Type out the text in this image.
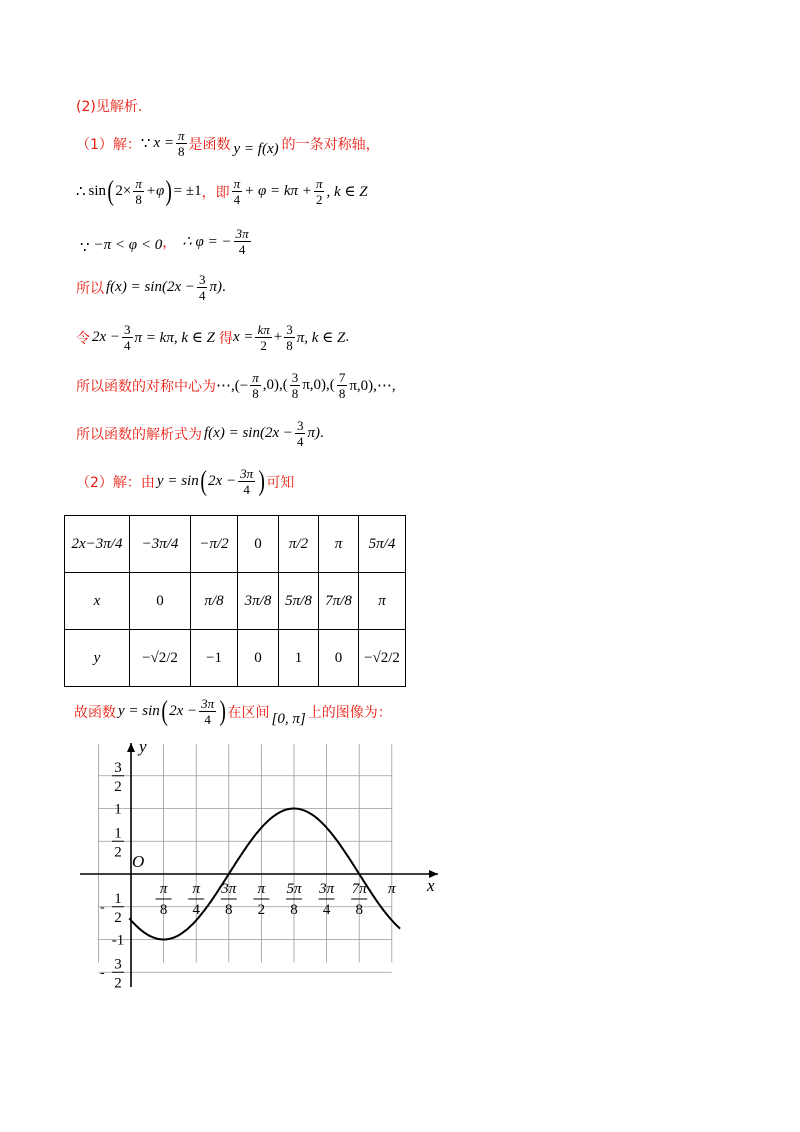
(2)见解析.
（1）解： ∵ $x = \frac{\pi}{8}$ 是函数 y = f(x) 的一条对称轴，
∴ sin ( $2\times \frac{\pi}{8} +\varphi$ ) = ±1 ，即 $\frac{\pi}{4} + \varphi = k\pi + \frac{\pi}{2}$ , k ∈ Z
∵ −π < φ < 0 ， ∴ φ = − $\frac{3\pi}{4}$
所以 $f(x) = \sin(2x - \frac{3}{4} \pi)$ .
令 $2x - \frac{3}{4}$ π = kπ, k ∈ Z 得 $x = \frac{k\pi}{2} + \frac{3}{8} \pi$, k ∈ Z .
所以函数的对称中心为 ⋯,(− $\frac{\pi}{8} ,0),( \frac{3}{8} \pi,0),( \frac{7}{8}$ π,0),⋯,
所以函数的解析式为 $f(x) = \sin(2x - \frac{3}{4} \pi)$ .
（2）解：由 y = sin ( $2x - \frac{3\pi}{4}$ ) 可知
2x−3π/4	−3π/4	−π/2	0	π/2	π	5π/4
x	0	π/8	3π/8	5π/8	7π/8	π
y	−√2/2	−1	0	1	0	−√2/2
故函数 y = sin ( $2x - \frac{3\pi}{4}$ ) 在区间 [0, π] 上的图像为：
3
2
1
1
2
-
1
2
-1
-
3
2
π
8
π
4
3π
8
π
2
5π
8
3π
4
7π
8
π x
y
O
